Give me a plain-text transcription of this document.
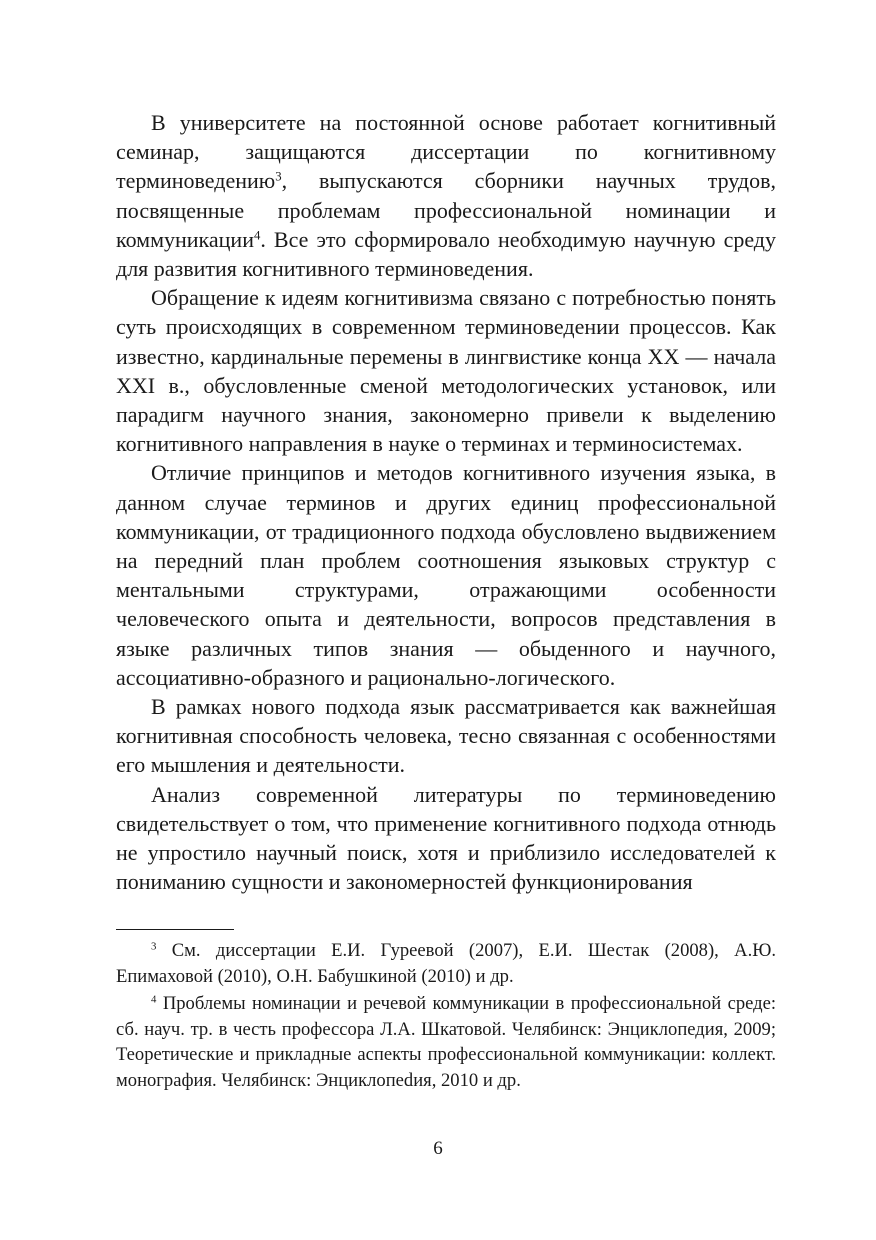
В университете на постоянной основе работает когнитивный семинар, защищаются диссертации по когнитивному терминоведению$^3$, выпускаются сборники научных трудов, посвященные проблемам профессиональной номинации и коммуникации$^4$. Все это сформировало необходимую научную среду для развития когнитивного терминоведения.

Обращение к идеям когнитивизма связано с потребностью понять суть происходящих в современном терминоведении процессов. Как известно, кардинальные перемены в лингвистике конца XX — начала XXI в., обусловленные сменой методологических установок, или парадигм научного знания, закономерно привели к выделению когнитивного направления в науке о терминах и терминосистемах.

Отличие принципов и методов когнитивного изучения языка, в данном случае терминов и других единиц профессиональной коммуникации, от традиционного подхода обусловлено выдвижением на передний план проблем соотношения языковых структур с ментальными структурами, отражающими особенности человеческого опыта и деятельности, вопросов представления в языке различных типов знания — обыденного и научного, ассоциативно-образного и рационально-логического.

В рамках нового подхода язык рассматривается как важнейшая когнитивная способность человека, тесно связанная с особенностями его мышления и деятельности.

Анализ современной литературы по терминоведению свидетельствует о том, что применение когнитивного подхода отнюдь не упростило научный поиск, хотя и приблизило исследователей к пониманию сущности и закономерностей функционирования

$^3$ См. диссертации Е.И. Гуреевой (2007), Е.И. Шестак (2008), А.Ю. Епимаховой (2010), О.Н. Бабушкиной (2010) и др.

$^4$ Проблемы номинации и речевой коммуникации в профессиональной среде: сб. науч. тр. в честь профессора Л.А. Шкатовой. Челябинск: Энциклопедия, 2009; Теоретические и прикладные аспекты профессиональной коммуникации: коллект. монография. Челябинск: Энциклопеdия, 2010 и др.

6
